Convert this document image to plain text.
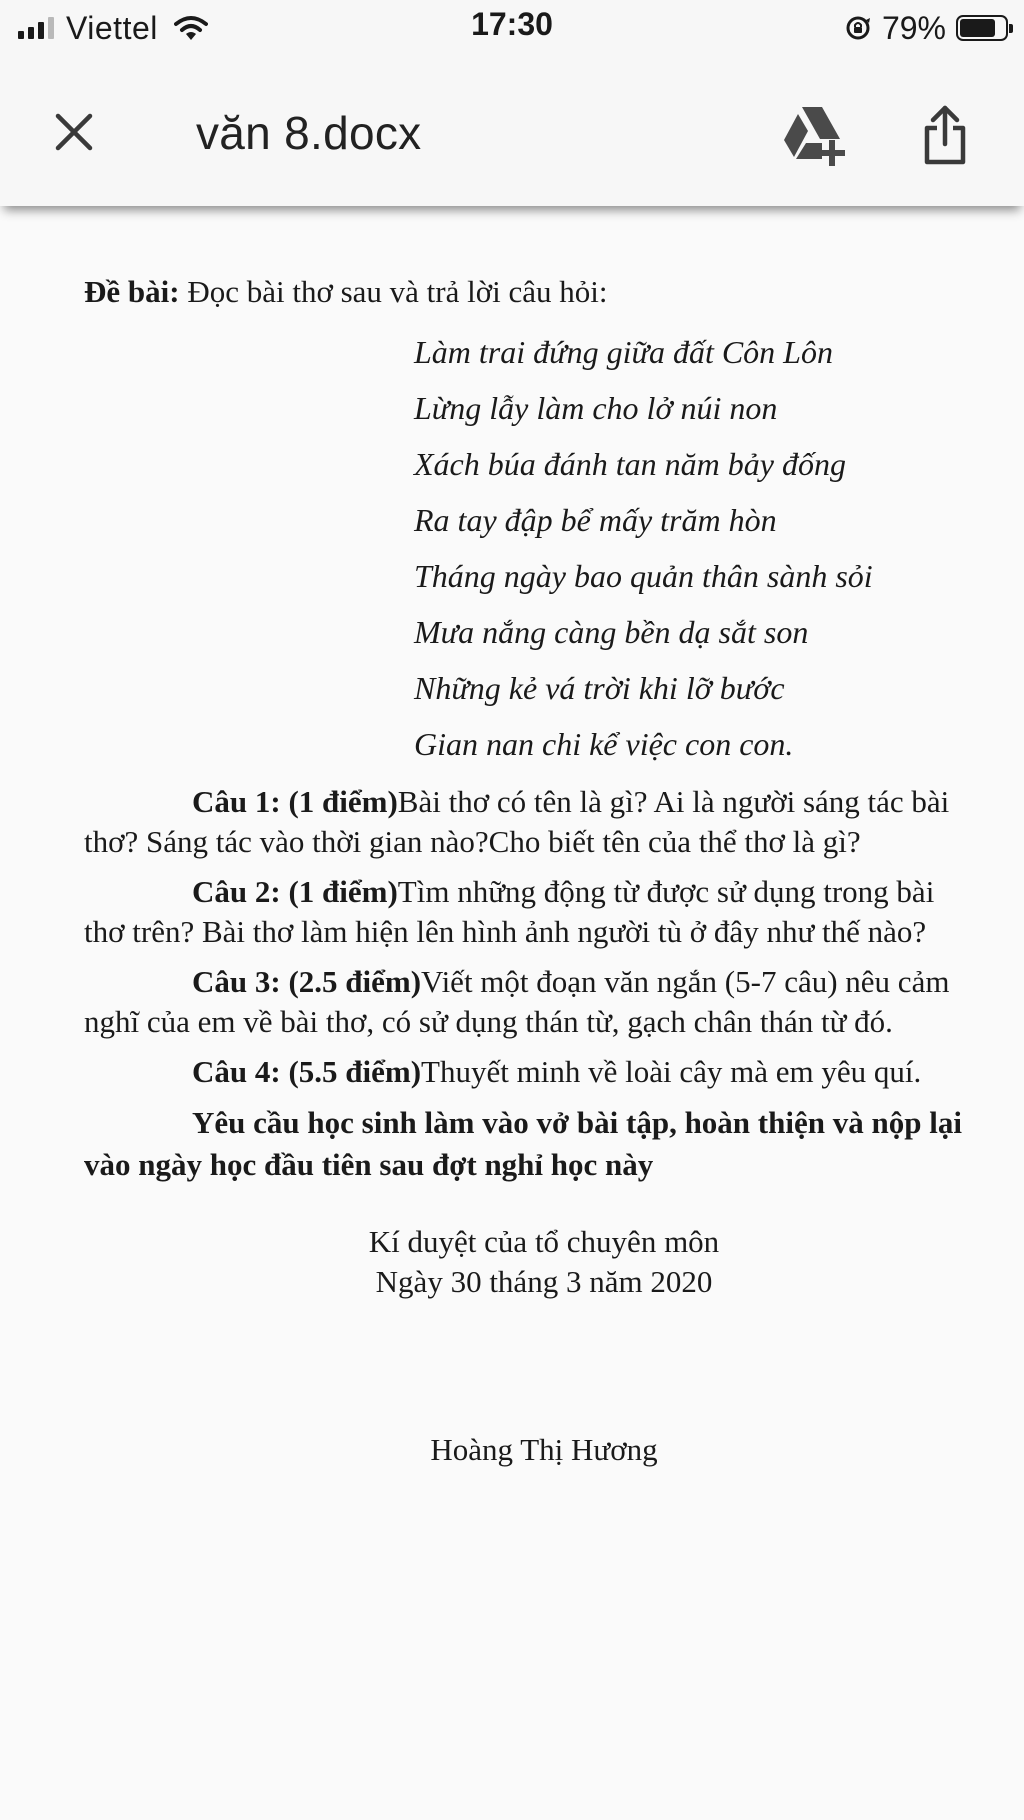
Viettel	17:30	79%
văn 8.docx

Đề bài: Đọc bài thơ sau và trả lời câu hỏi:

Làm trai đứng giữa đất Côn Lôn
Lừng lẫy làm cho lở núi non
Xách búa đánh tan năm bảy đống
Ra tay đập bể mấy trăm hòn
Tháng ngày bao quản thân sành sỏi
Mưa nắng càng bền dạ sắt son
Những kẻ vá trời khi lỡ bước
Gian nan chi kể việc con con.

Câu 1: (1 điểm)Bài thơ có tên là gì? Ai là người sáng tác bài thơ? Sáng tác vào thời gian nào?Cho biết tên của thể thơ là gì?

Câu 2: (1 điểm)Tìm những động từ được sử dụng trong bài thơ trên? Bài thơ làm hiện lên hình ảnh người tù ở đây như thế nào?

Câu 3: (2.5 điểm)Viết một đoạn văn ngắn (5-7 câu) nêu cảm nghĩ của em về bài thơ, có sử dụng thán từ, gạch chân thán từ đó.

Câu 4: (5.5 điểm)Thuyết minh về loài cây mà em yêu quí.

Yêu cầu học sinh làm vào vở bài tập, hoàn thiện và nộp lại vào ngày học đầu tiên sau đợt nghỉ học này

Kí duyệt của tổ chuyên môn
Ngày 30 tháng 3 năm 2020
Hoàng Thị Hương
